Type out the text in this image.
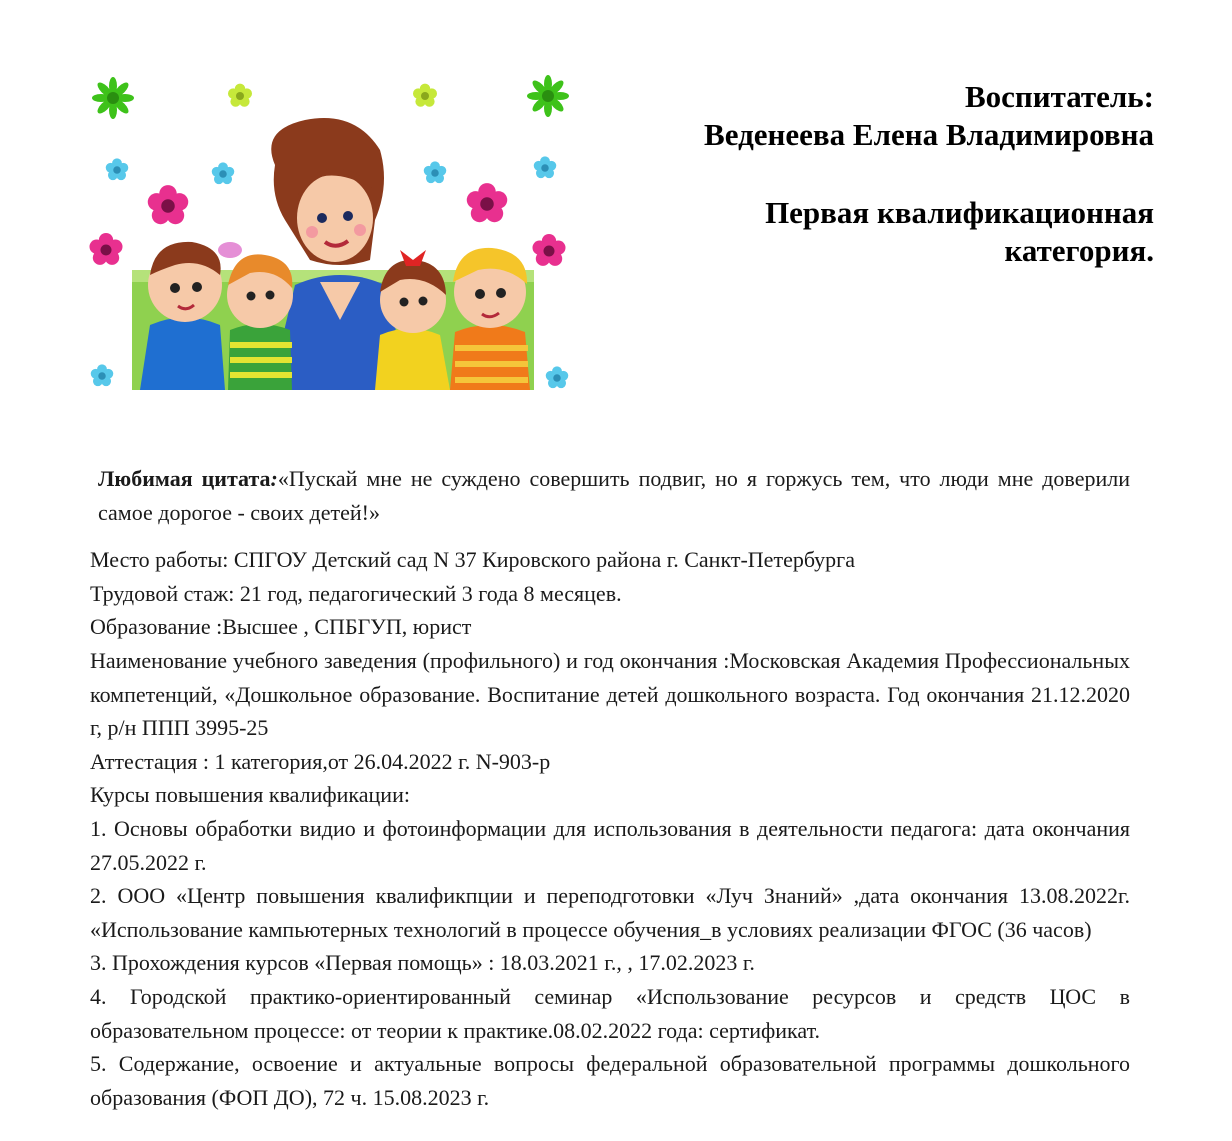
Воспитатель:
Веденеева Елена Владимировна
Первая квалификационная
категория.
Любимая цитата:«Пускай мне не суждено совершить подвиг, но я горжусь тем, что люди мне доверили самое дорогое - своих детей!»
Место работы: СПГОУ Детский сад N 37 Кировского района г. Санкт-Петербурга
Трудовой стаж: 21 год, педагогический 3 года 8 месяцев.
Образование :Высшее , СПБГУП, юрист
Наименование учебного заведения (профильного) и год окончания :Московская Академия Профессиональных компетенций, «Дошкольное образование. Воспитание детей дошкольного возраста. Год окончания 21.12.2020 г, р/н ППП 3995-25
Аттестация : 1 категория,от 26.04.2022 г. N-903-р
Курсы повышения квалификации:
1. Основы обработки видио и фотоинформации для использования в деятельности педагога: дата окончания 27.05.2022 г.
2. ООО «Центр повышения квалификпции и переподготовки «Луч Знаний» ,дата окончания 13.08.2022г. «Использование кампьютерных технологий в процессе обучения_в условиях реализации ФГОС (36 часов)
3. Прохождения курсов «Первая помощь» : 18.03.2021 г., , 17.02.2023 г.
4. Городской практико-ориентированный семинар «Использование ресурсов и средств ЦОС в образовательном процессе: от теории к практике.08.02.2022 года: сертификат.
5. Содержание, освоение и актуальные вопросы федеральной образовательной программы дошкольного образования (ФОП ДО), 72 ч. 15.08.2023 г.
